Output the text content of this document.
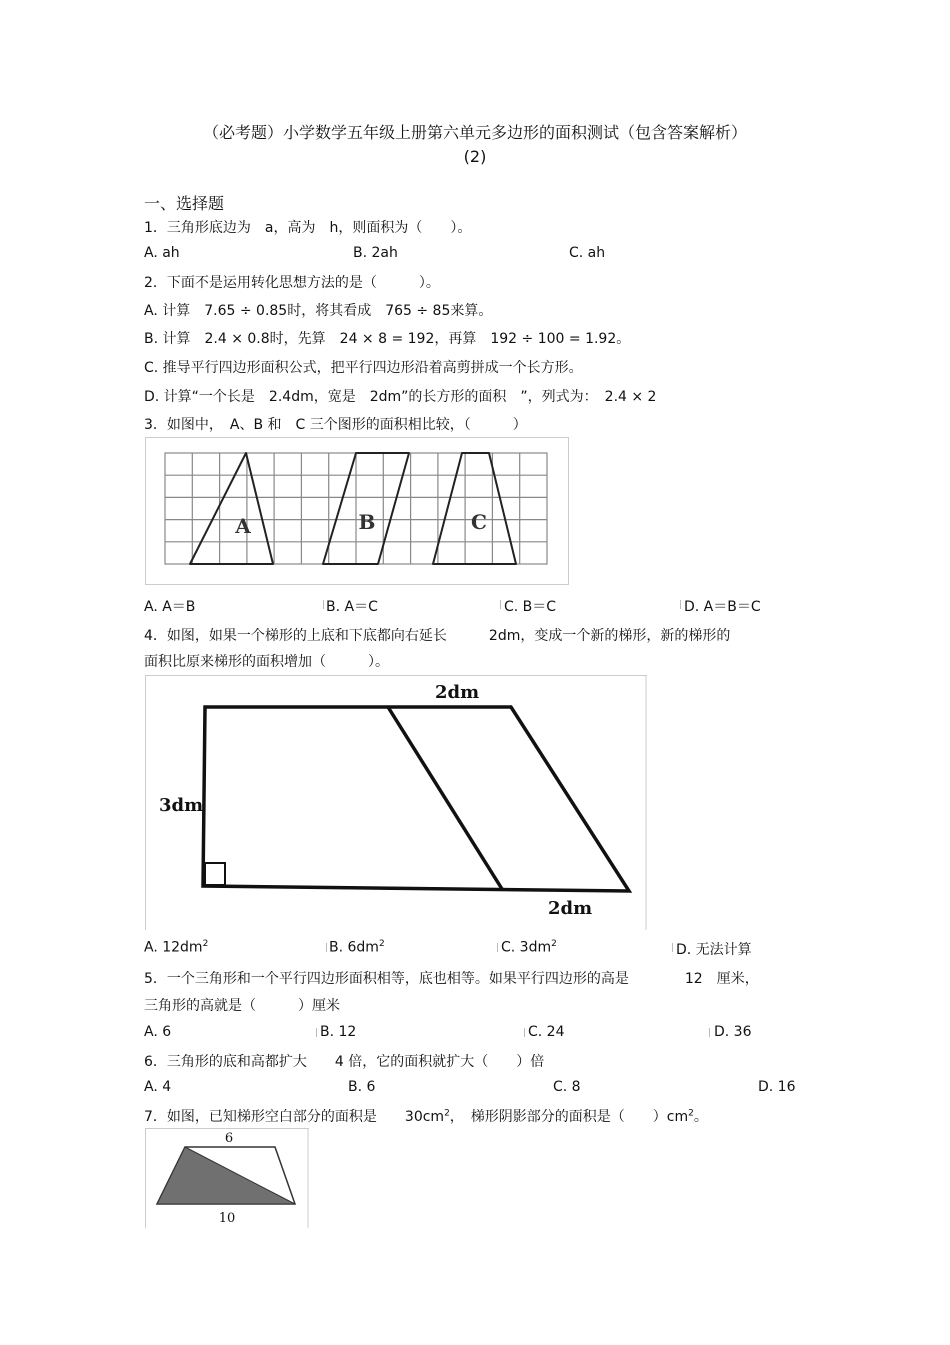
（必考题）小学数学五年级上册第六单元多边形的面积测试（包含答案解析）
(2)
一、选择题
1．三角形底边为　a，高为　h，则面积为（　　）。
A. ah	B. 2ah	C. ah
2．下面不是运用转化思想方法的是（　　　）。
A. 计算　7.65 ÷ 0.85时，将其看成　765 ÷ 85来算。
B. 计算　2.4 × 0.8时，先算　24 × 8 = 192，再算　192 ÷ 100 = 1.92。
C. 推导平行四边形面积公式，把平行四边形沿着高剪拼成一个长方形。
D. 计算“一个长是　2.4dm，宽是　2dm”的长方形的面积　”，列式为：　2.4 × 2
3．如图中，　A、B 和　C 三个图形的面积相比较，（　　　）
A	B	C
A. A＝B	B. A＝C	C. B＝C	D. A＝B＝C
4．如图，如果一个梯形的上底和下底都向右延长　　　2dm，变成一个新的梯形，新的梯形的
面积比原来梯形的面积增加（　　　）。
2dm
3dm
2dm
A. $12dm^2$	B. $6dm^2$	C. $3dm^2$	D. 无法计算
5．一个三角形和一个平行四边形面积相等，底也相等。如果平行四边形的高是　　　　12　厘米，
三角形的高就是（　　　）厘米
A. 6	B. 12	C. 24	D. 36
6．三角形的底和高都扩大　　4 倍，它的面积就扩大（　　）倍
A. 4	B. 6	C. 8	D. 16
7．如图，已知梯形空白部分的面积是　　$30cm^2$，　梯形阴影部分的面积是（　　）$cm^2$。
6
10
